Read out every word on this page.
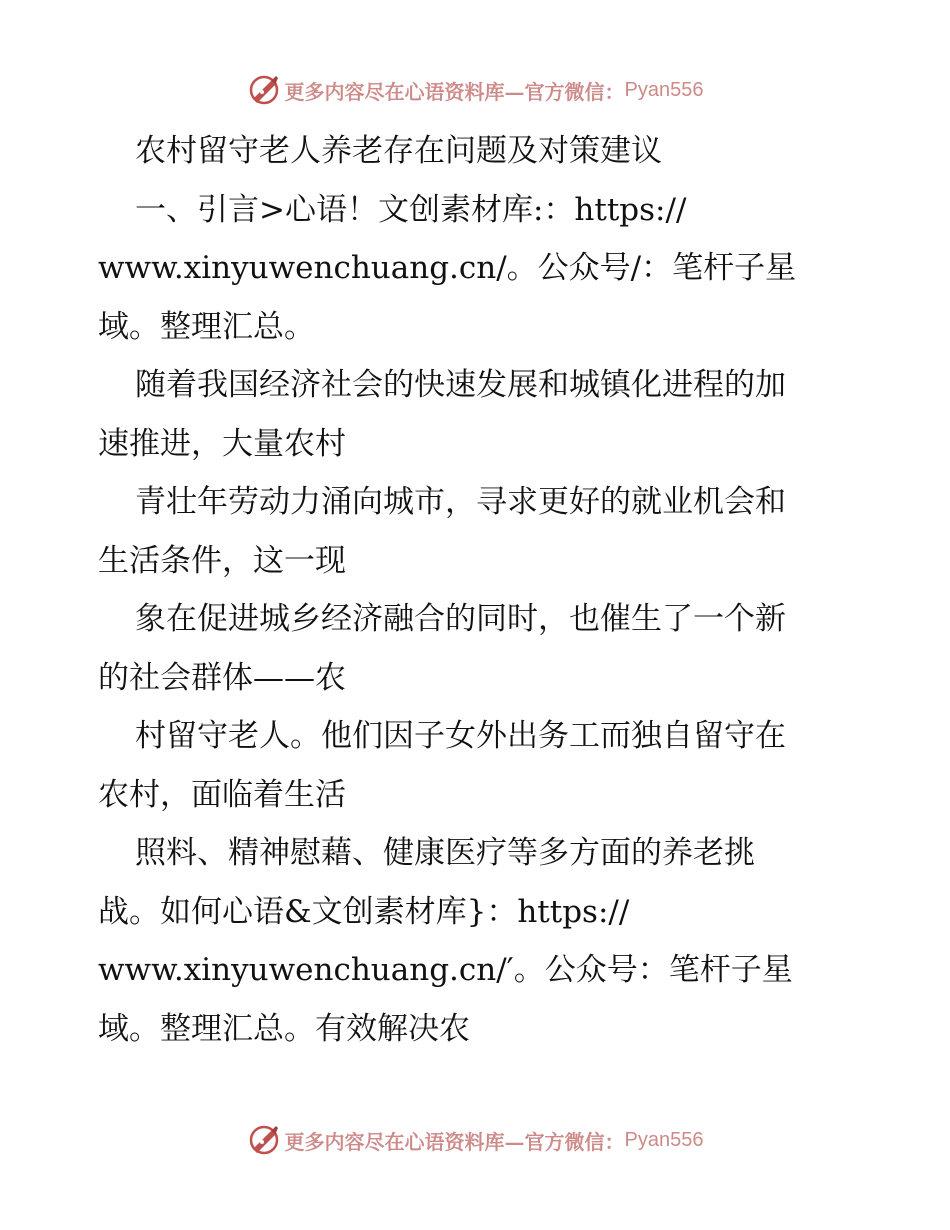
更多内容尽在心语资料库—官方微信： Pyan556
农村留守老人养老存在问题及对策建议
一、引言>心语！文创素材库:：https://
www.xinyuwenchuang.cn/。公众号/：笔杆子星
域。整理汇总。
随着我国经济社会的快速发展和城镇化进程的加
速推进，大量农村
青壮年劳动力涌向城市，寻求更好的就业机会和
生活条件，这一现
象在促进城乡经济融合的同时，也催生了一个新
的社会群体——农
村留守老人。他们因子女外出务工而独自留守在
农村，面临着生活
照料、精神慰藉、健康医疗等多方面的养老挑
战。如何心语&文创素材库}：https://
www.xinyuwenchuang.cn/′。公众号：笔杆子星
域。整理汇总。有效解决农
更多内容尽在心语资料库—官方微信： Pyan556
